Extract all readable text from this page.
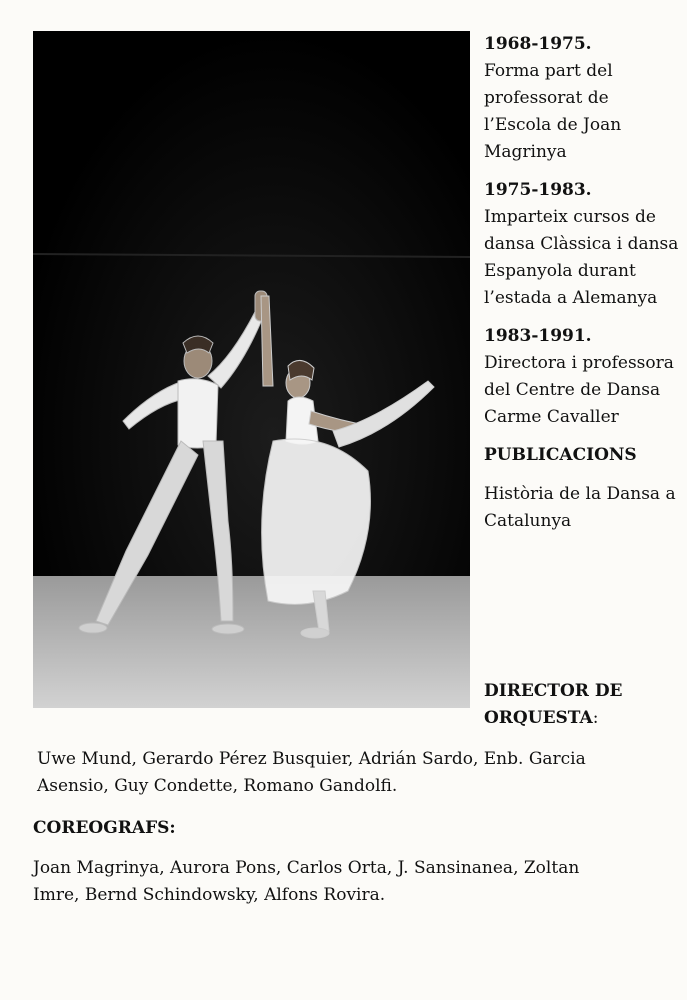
1968-1975.
Forma part del professorat de l’Escola de Joan Magrinya
1975-1983.
Imparteix cursos de dansa Clàssica i dansa Espanyola durant l’estada a Alemanya
1983-1991.
Directora i professora del Centre de Dansa Carme Cavaller
PUBLICACIONS
Història de la Dansa a Catalunya
DIRECTOR DE ORQUESTA:

Uwe Mund, Gerardo Pérez Busquier, Adrián Sardo, Enb. Garcia Asensio, Guy Condette, Romano Gandolfi.

COREOGRAFS:

Joan Magrinya, Aurora Pons, Carlos Orta, J. Sansinanea, Zoltan Imre, Bernd Schindowsky, Alfons Rovira.
